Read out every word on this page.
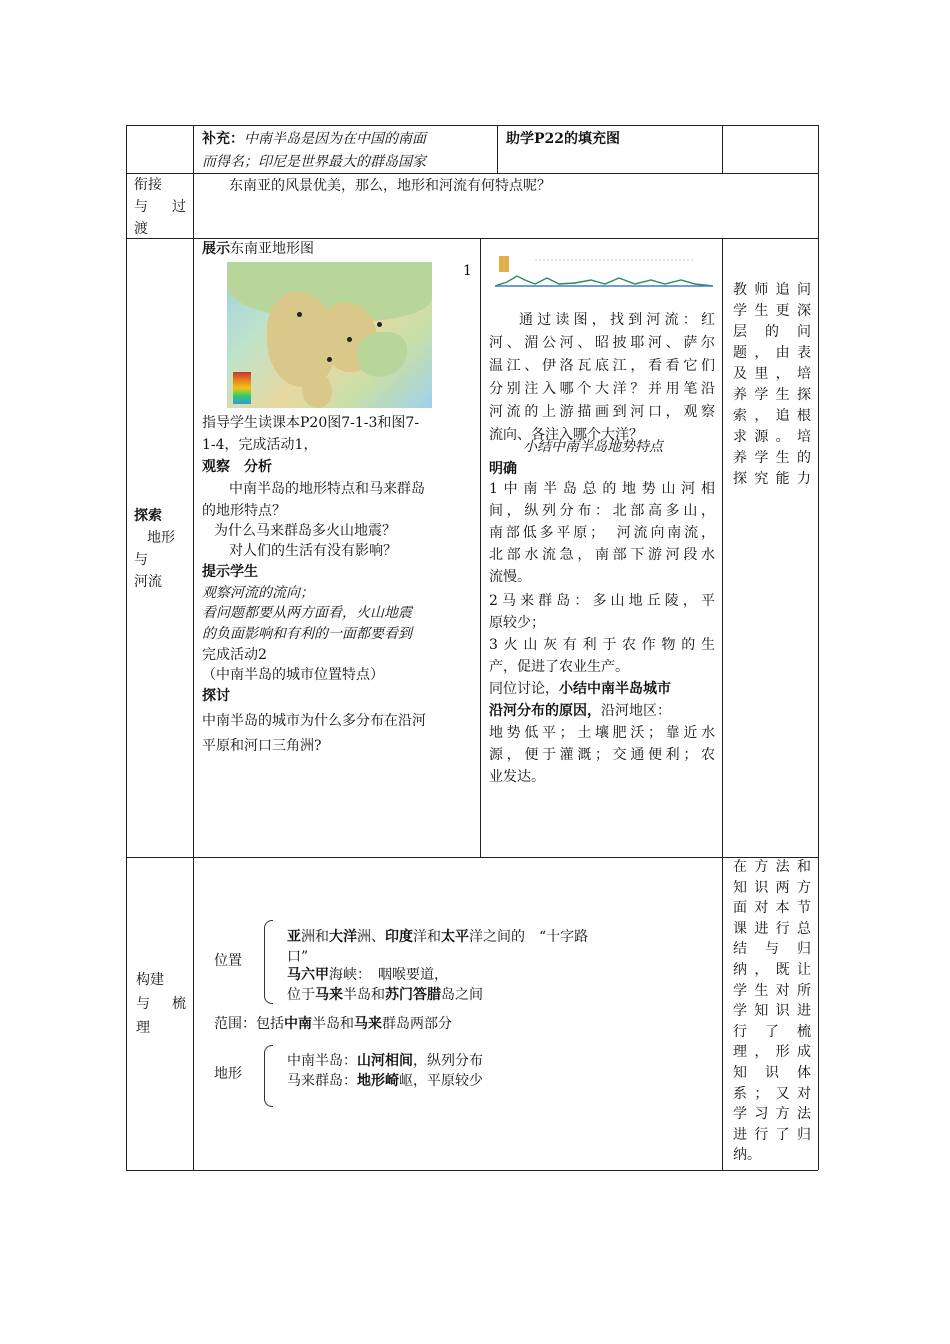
补充：中南半岛是因为在中国的南面
而得名；印尼是世界最大的群岛国家
助学P22的填充图
衔接
与　过
渡
东南亚的风景优美，那么，地形和河流有何特点呢？
探索
地形
与
河流
展示东南亚地形图
1
指导学生读课本P20图7-1-3和图7-
1-4，完成活动1，
观察　分析
中南半岛的地形特点和马来群岛
的地形特点？
为什么马来群岛多火山地震？
对人们的生活有没有影响？
提示学生
观察河流的流向；
看问题都要从两方面看，火山地震
的负面影响和有利的一面都要看到
完成活动2
（中南半岛的城市位置特点）
探讨
中南半岛的城市为什么多分布在沿河
平原和河口三角洲?
通过读图，找到河流：红
河、湄公河、昭披耶河、萨尔
温江、伊洛瓦底江，看看它们
分别注入哪个大洋？并用笔沿
河流的上游描画到河口，观察
流向、各注入哪个大洋？
小结中南半岛地势特点
明确
1中南半岛总的地势山河相
间，纵列分布：北部高多山，
南部低多平原；　河流向南流，
北部水流急，南部下游河段水
流慢。
2马来群岛：多山地丘陵，平
原较少；
3火山灰有利于农作物的生
产，促进了农业生产。
同位讨论，小结中南半岛城市
沿河分布的原因，沿河地区：
地势低平；土壤肥沃；靠近水
源，便于灌溉；交通便利；农
业发达。
教师追问
学生更深
层　的　问
题，由表
及里，培
养学生探
索，追根
求源。培
养学生的
探究能力
构建
与　梳
理
位置
亚洲和大洋洲、印度洋和太平洋之间的　“十字路
口”
马六甲海峡：　咽喉要道，
位于马来半岛和苏门答腊岛之间
范围：包括中南半岛和马来群岛两部分
地形
中南半岛：山河相间，纵列分布
马来群岛：地形崎岖，平原较少
在方法和
知识两方
面对本节
课进行总
结　与　归
纳，既让
学生对所
学知识进
行　了　梳
理，形成
知　识　体
系；又对
学习方法
进行了归
纳。
